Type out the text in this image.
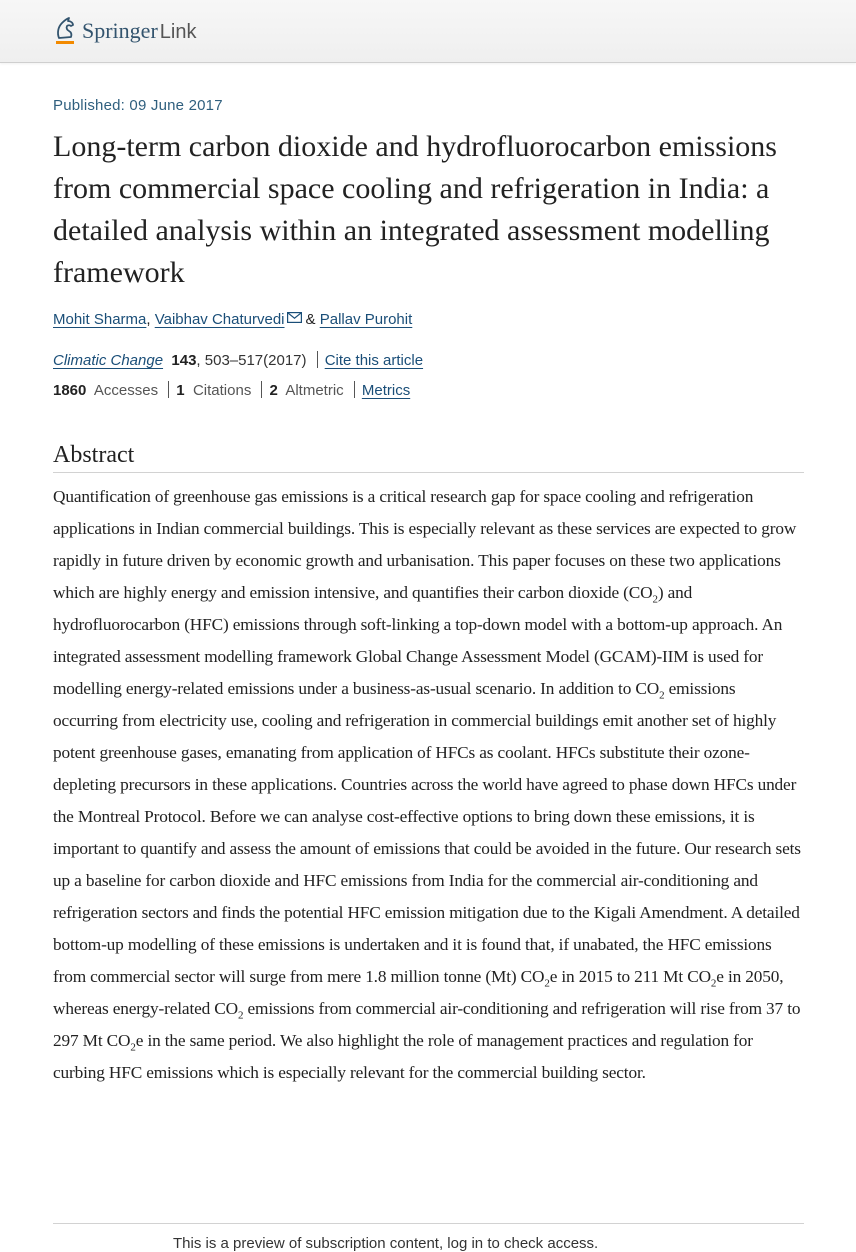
Springer Link
Published: 09 June 2017
Long-term carbon dioxide and hydrofluorocarbon emissions from commercial space cooling and refrigeration in India: a detailed analysis within an integrated assessment modelling framework
Mohit Sharma, Vaibhav Chaturvedi & Pallav Purohit
Climatic Change 143, 503–517(2017) Cite this article
1860 Accesses 1 Citations 2 Altmetric Metrics
Abstract

Quantification of greenhouse gas emissions is a critical research gap for space cooling and refrigeration applications in Indian commercial buildings. This is especially relevant as these services are expected to grow rapidly in future driven by economic growth and urbanisation. This paper focuses on these two applications which are highly energy and emission intensive, and quantifies their carbon dioxide $(CO_2)$ and hydrofluorocarbon (HFC) emissions through soft-linking a top-down model with a bottom-up approach. An integrated assessment modelling framework Global Change Assessment Model (GCAM)-IIM is used for modelling energy-related emissions under a business-as-usual scenario. In addition to $CO_2$ emissions occurring from electricity use, cooling and refrigeration in commercial buildings emit another set of highly potent greenhouse gases, emanating from application of HFCs as coolant. HFCs substitute their ozone-depleting precursors in these applications. Countries across the world have agreed to phase down HFCs under the Montreal Protocol. Before we can analyse cost-effective options to bring down these emissions, it is important to quantify and assess the amount of emissions that could be avoided in the future. Our research sets up a baseline for carbon dioxide and HFC emissions from India for the commercial air-conditioning and refrigeration sectors and finds the potential HFC emission mitigation due to the Kigali Amendment. A detailed bottom-up modelling of these emissions is undertaken and it is found that, if unabated, the HFC emissions from commercial sector will surge from mere 1.8 million tonne (Mt) $CO_2e$ in 2015 to 211 Mt $CO_2e$ in 2050, whereas energy-related $CO_2$ emissions from commercial air-conditioning and refrigeration will rise from 37 to 297 Mt $CO_2e$ in the same period. We also highlight the role of management practices and regulation for curbing HFC emissions which is especially relevant for the commercial building sector.

This is a preview of subscription content, log in to check access.
